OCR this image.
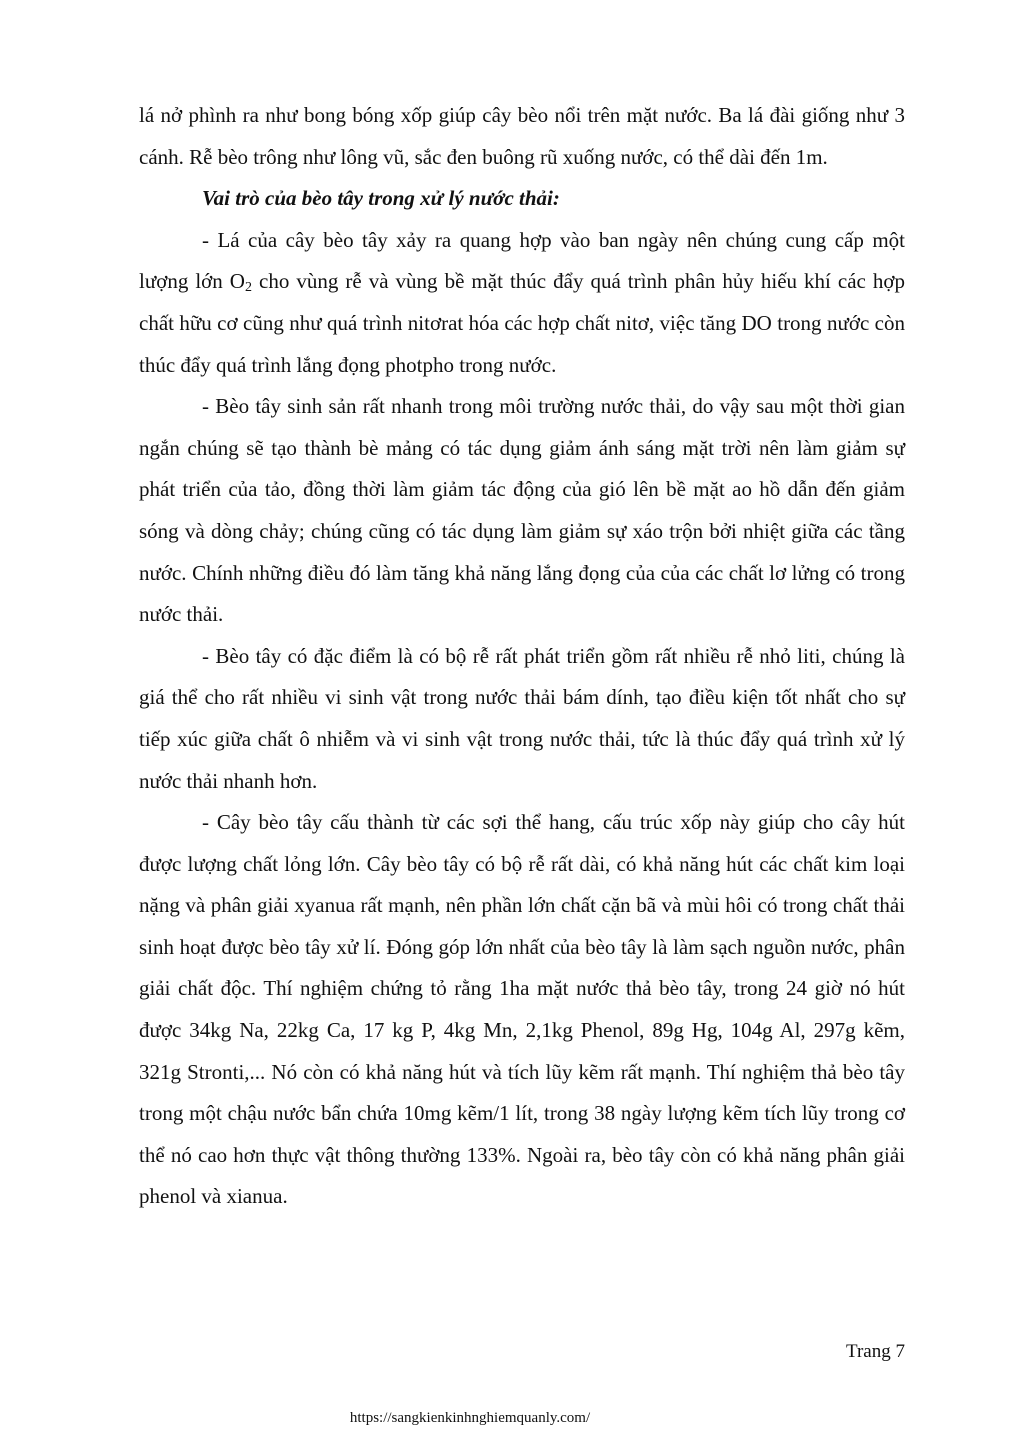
lá nở phình ra như bong bóng xốp giúp cây bèo nổi trên mặt nước. Ba lá đài giống như 3 cánh. Rễ bèo trông như lông vũ, sắc đen buông rũ xuống nước, có thể dài đến 1m.

Vai trò của bèo tây trong xử lý nước thải:

- Lá của cây bèo tây xảy ra quang hợp vào ban ngày nên chúng cung cấp một lượng lớn $O_2$ cho vùng rễ và vùng bề mặt thúc đẩy quá trình phân hủy hiếu khí các hợp chất hữu cơ cũng như quá trình nitơrat hóa các hợp chất nitơ, việc tăng DO trong nước còn thúc đẩy quá trình lắng đọng photpho trong nước.

- Bèo tây sinh sản rất nhanh trong môi trường nước thải, do vậy sau một thời gian ngắn chúng sẽ tạo thành bè mảng có tác dụng giảm ánh sáng mặt trời nên làm giảm sự phát triển của tảo, đồng thời làm giảm tác động của gió lên bề mặt ao hồ dẫn đến giảm sóng và dòng chảy; chúng cũng có tác dụng làm giảm sự xáo trộn bởi nhiệt giữa các tầng nước. Chính những điều đó làm tăng khả năng lắng đọng của của các chất lơ lửng có trong nước thải.

- Bèo tây có đặc điểm là có bộ rễ rất phát triển gồm rất nhiều rễ nhỏ liti, chúng là giá thể cho rất nhiều vi sinh vật trong nước thải bám dính, tạo điều kiện tốt nhất cho sự tiếp xúc giữa chất ô nhiễm và vi sinh vật trong nước thải, tức là thúc đẩy quá trình xử lý nước thải nhanh hơn.

- Cây bèo tây cấu thành từ các sợi thể hang, cấu trúc xốp này giúp cho cây hút được lượng chất lỏng lớn. Cây bèo tây có bộ rễ rất dài, có khả năng hút các chất kim loại nặng và phân giải xyanua rất mạnh, nên phần lớn chất cặn bã và mùi hôi có trong chất thải sinh hoạt được bèo tây xử lí. Đóng góp lớn nhất của bèo tây là làm sạch nguồn nước, phân giải chất độc. Thí nghiệm chứng tỏ rằng 1ha mặt nước thả bèo tây, trong 24 giờ nó hút được 34kg Na, 22kg Ca, 17 kg P, 4kg Mn, 2,1kg Phenol, 89g Hg, 104g Al, 297g kẽm, 321g Stronti,... Nó còn có khả năng hút và tích lũy kẽm rất mạnh. Thí nghiệm thả bèo tây trong một chậu nước bẩn chứa 10mg kẽm/1 lít, trong 38 ngày lượng kẽm tích lũy trong cơ thể nó cao hơn thực vật thông thường 133%. Ngoài ra, bèo tây còn có khả năng phân giải phenol và xianua.

Trang 7
https://sangkienkinhnghiemquanly.com/
